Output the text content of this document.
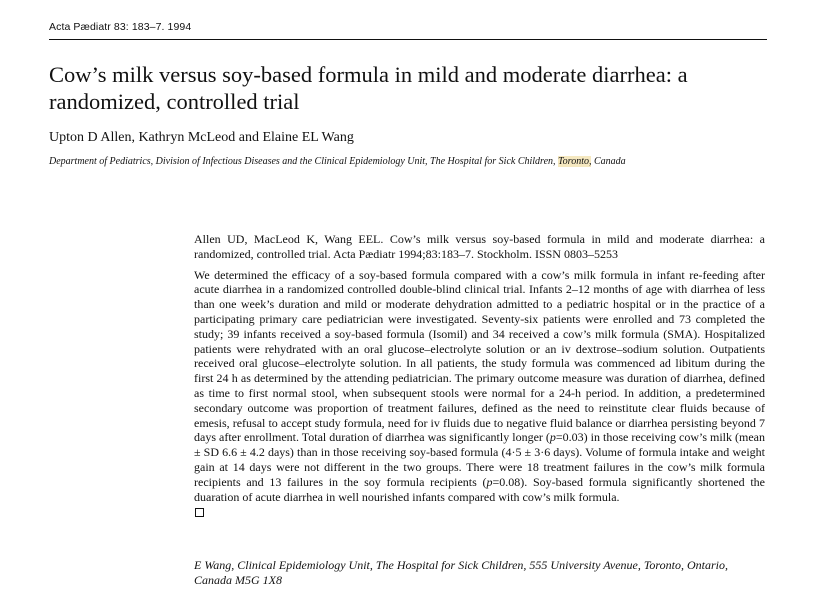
Acta Pædiatr 83: 183–7. 1994
Cow’s milk versus soy-based formula in mild and moderate diarrhea: a randomized, controlled trial

Upton D Allen, Kathryn McLeod and Elaine EL Wang

Department of Pediatrics, Division of Infectious Diseases and the Clinical Epidemiology Unit, The Hospital for Sick Children, Toronto, Canada

Allen UD, MacLeod K, Wang EEL. Cow’s milk versus soy-based formula in mild and moderate diarrhea: a randomized, controlled trial. Acta Pædiatr 1994;83:183–7. Stockholm. ISSN 0803–5253

We determined the efficacy of a soy-based formula compared with a cow’s milk formula in infant re-feeding after acute diarrhea in a randomized controlled double-blind clinical trial. Infants 2–12 months of age with diarrhea of less than one week’s duration and mild or moderate dehydration admitted to a pediatric hospital or in the practice of a participating primary care pediatrician were investigated. Seventy-six patients were enrolled and 73 completed the study; 39 infants received a soy-based formula (Isomil) and 34 received a cow’s milk formula (SMA). Hospitalized patients were rehydrated with an oral glucose–electrolyte solution or an iv dextrose–sodium solution. Outpatients received oral glucose–electrolyte solution. In all patients, the study formula was commenced ad libitum during the first 24 h as determined by the attending pediatrician. The primary outcome measure was duration of diarrhea, defined as time to first normal stool, when subsequent stools were normal for a 24-h period. In addition, a predetermined secondary outcome was proportion of treatment failures, defined as the need to reinstitute clear fluids because of emesis, refusal to accept study formula, need for iv fluids due to negative fluid balance or diarrhea persisting beyond 7 days after enrollment. Total duration of diarrhea was significantly longer (p=0.03) in those receiving cow’s milk (mean ± SD 6.6 ± 4.2 days) than in those receiving soy-based formula (4·5 ± 3·6 days). Volume of formula intake and weight gain at 14 days were not different in the two groups. There were 18 treatment failures in the cow’s milk formula recipients and 13 failures in the soy formula recipients (p=0.08). Soy-based formula significantly shortened the duaration of acute diarrhea in well nourished infants compared with cow’s milk formula.

E Wang, Clinical Epidemiology Unit, The Hospital for Sick Children, 555 University Avenue, Toronto, Ontario, Canada M5G 1X8
